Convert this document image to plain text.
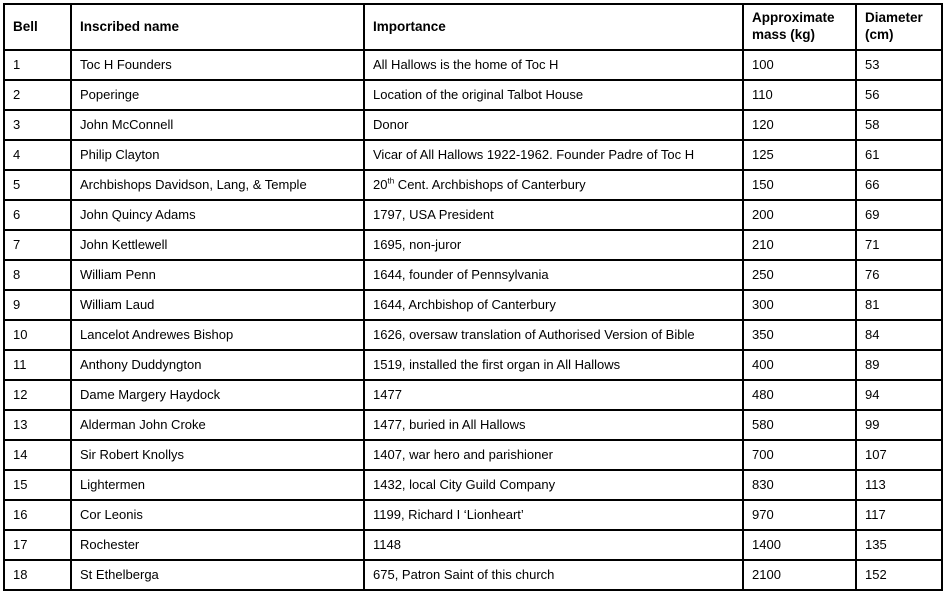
Bell	Inscribed name	Importance	Approximate mass (kg)	Diameter (cm)
1	Toc H Founders	All Hallows is the home of Toc H	100	53
2	Poperinge	Location of the original Talbot House	110	56
3	John McConnell	Donor	120	58
4	Philip Clayton	Vicar of All Hallows 1922-1962. Founder Padre of Toc H	125	61
5	Archbishops Davidson, Lang, & Temple	20th Cent. Archbishops of Canterbury	150	66
6	John Quincy Adams	1797, USA President	200	69
7	John Kettlewell	1695, non-juror	210	71
8	William Penn	1644, founder of Pennsylvania	250	76
9	William Laud	1644, Archbishop of Canterbury	300	81
10	Lancelot Andrewes Bishop	1626, oversaw translation of Authorised Version of Bible	350	84
11	Anthony Duddyngton	1519, installed the first organ in All Hallows	400	89
12	Dame Margery Haydock	1477	480	94
13	Alderman John Croke	1477, buried in All Hallows	580	99
14	Sir Robert Knollys	1407, war hero and parishioner	700	107
15	Lightermen	1432, local City Guild Company	830	113
16	Cor Leonis	1199, Richard I ‘Lionheart’	970	117
17	Rochester	1148	1400	135
18	St Ethelberga	675, Patron Saint of this church	2100	152
